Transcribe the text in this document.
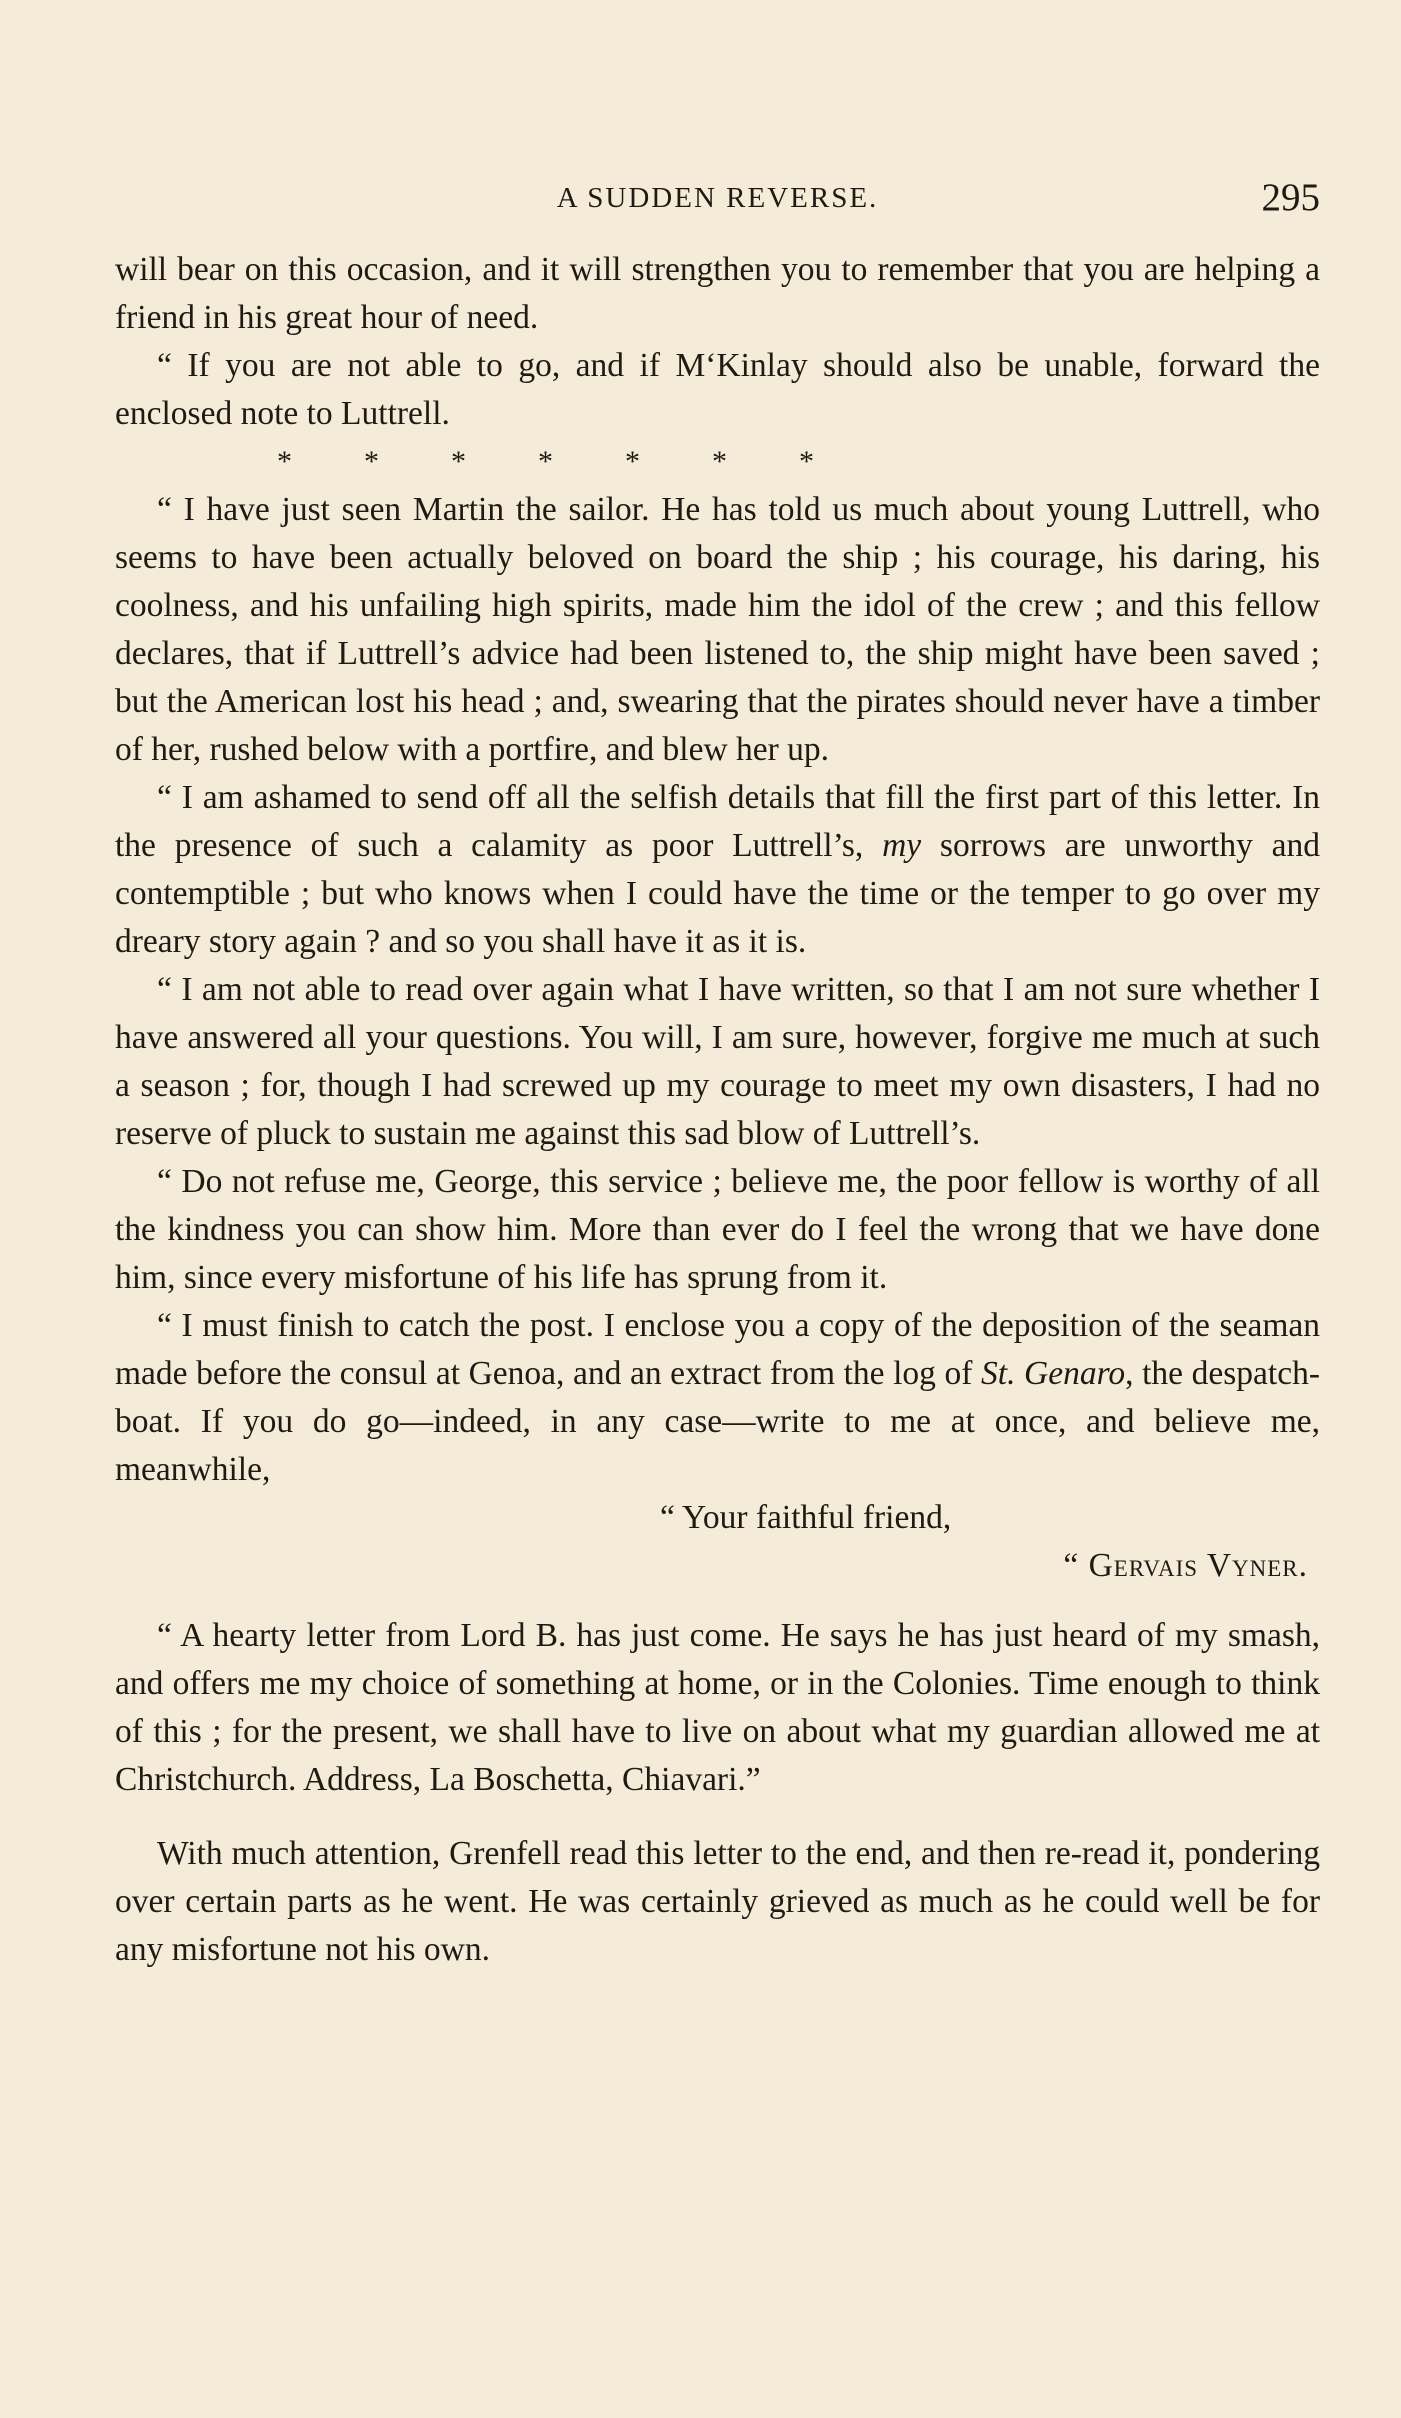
A SUDDEN REVERSE.	295

will bear on this occasion, and it will strengthen you to remember that you are helping a friend in his great hour of need.

“ If you are not able to go, and if M‘Kinlay should also be unable, forward the enclosed note to Luttrell.

* * * * * * *

“ I have just seen Martin the sailor. He has told us much about young Luttrell, who seems to have been actually beloved on board the ship ; his courage, his daring, his coolness, and his unfailing high spirits, made him the idol of the crew ; and this fellow declares, that if Luttrell’s advice had been listened to, the ship might have been saved ; but the American lost his head ; and, swearing that the pirates should never have a timber of her, rushed below with a portfire, and blew her up.

“ I am ashamed to send off all the selfish details that fill the first part of this letter. In the presence of such a calamity as poor Luttrell’s, my sorrows are unworthy and contemptible ; but who knows when I could have the time or the temper to go over my dreary story again ? and so you shall have it as it is.

“ I am not able to read over again what I have written, so that I am not sure whether I have answered all your questions. You will, I am sure, however, forgive me much at such a season ; for, though I had screwed up my courage to meet my own disasters, I had no reserve of pluck to sustain me against this sad blow of Luttrell’s.

“ Do not refuse me, George, this service ; believe me, the poor fellow is worthy of all the kindness you can show him. More than ever do I feel the wrong that we have done him, since every misfortune of his life has sprung from it.

“ I must finish to catch the post. I enclose you a copy of the deposition of the seaman made before the consul at Genoa, and an extract from the log of St. Genaro, the despatch-boat. If you do go—indeed, in any case—write to me at once, and believe me, meanwhile,

“ Your faithful friend,

“ Gervais Vyner.

“ A hearty letter from Lord B. has just come. He says he has just heard of my smash, and offers me my choice of something at home, or in the Colonies. Time enough to think of this ; for the present, we shall have to live on about what my guardian allowed me at Christchurch. Address, La Boschetta, Chiavari.”

With much attention, Grenfell read this letter to the end, and then re-read it, pondering over certain parts as he went. He was certainly grieved as much as he could well be for any misfortune not his own.
